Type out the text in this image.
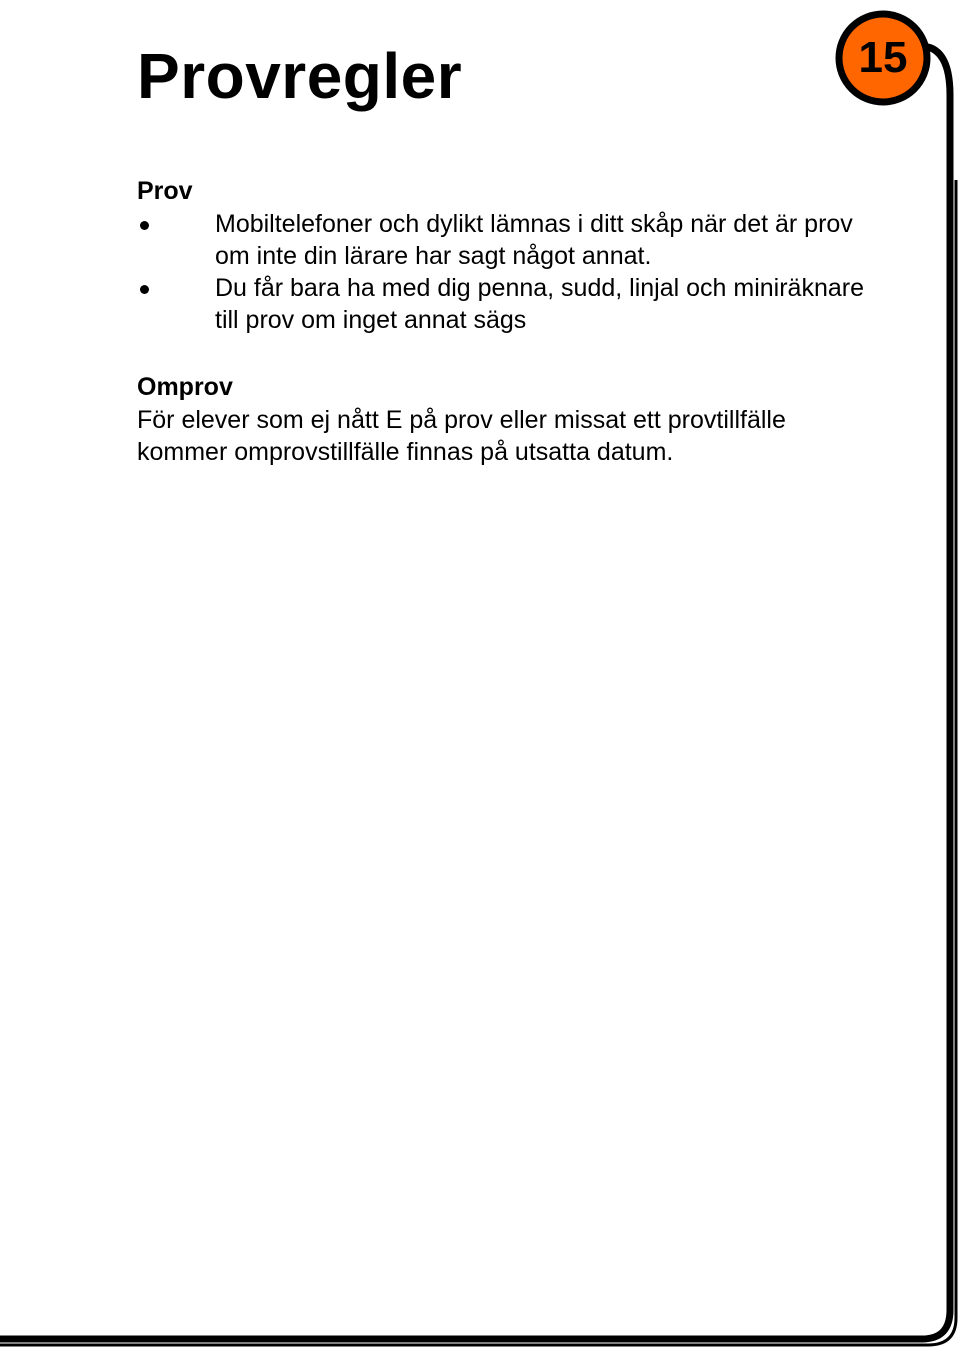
Provregler	15
Prov
Mobiltelefoner och dylikt lämnas i ditt skåp när det är prov om inte din lärare har sagt något annat.
Du får bara ha med dig penna, sudd, linjal och miniräknare till prov om inget annat sägs
Omprov

För elever som ej nått E på prov eller missat ett provtillfälle kommer omprovstillfälle finnas på utsatta datum.
